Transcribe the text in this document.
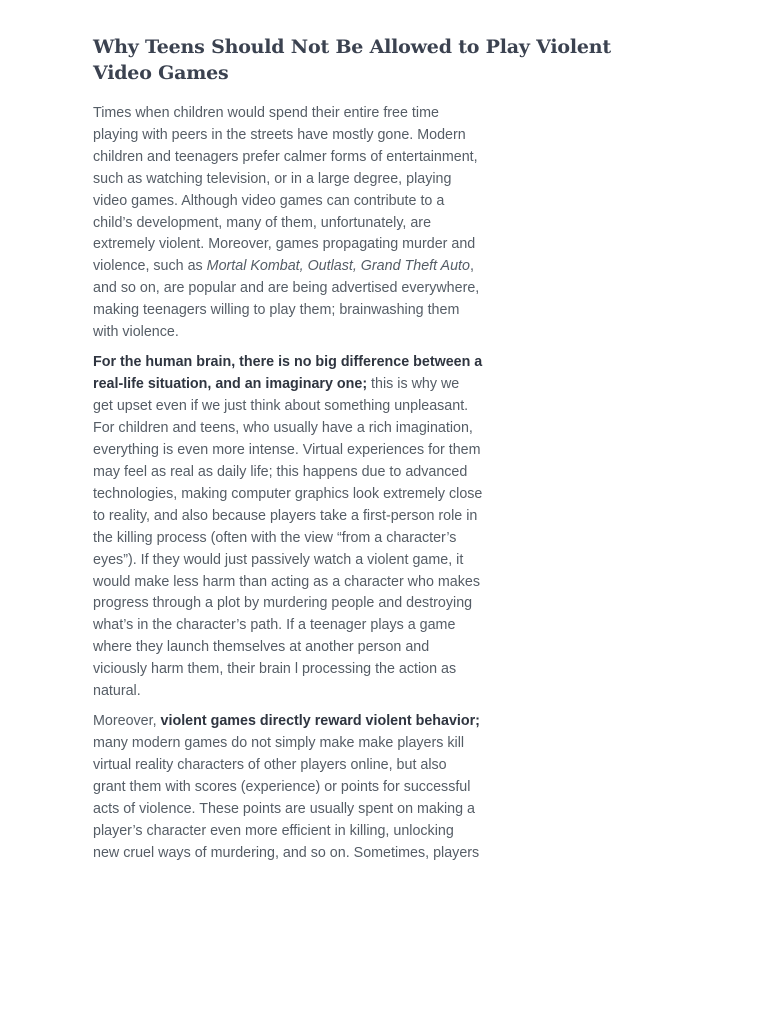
Why Teens Should Not Be Allowed to Play Violent Video Games

Times when children would spend their entire free time playing with peers in the streets have mostly gone. Modern children and teenagers prefer calmer forms of entertainment, such as watching television, or in a large degree, playing video games. Although video games can contribute to a child’s development, many of them, unfortunately, are extremely violent. Moreover, games propagating murder and violence, such as Mortal Kombat, Outlast, Grand Theft Auto, and so on, are popular and are being advertised everywhere, making teenagers willing to play them; brainwashing them with violence.

For the human brain, there is no big difference between a real-life situation, and an imaginary one; this is why we get upset even if we just think about something unpleasant. For children and teens, who usually have a rich imagination, everything is even more intense. Virtual experiences for them may feel as real as daily life; this happens due to advanced technologies, making computer graphics look extremely close to reality, and also because players take a first-person role in the killing process (often with the view “from a character’s eyes”). If they would just passively watch a violent game, it would make less harm than acting as a character who makes progress through a plot by murdering people and destroying what’s in the character’s path. If a teenager plays a game where they launch themselves at another person and viciously harm them, their brain l processing the action as natural.

Moreover, violent games directly reward violent behavior; many modern games do not simply make make players kill virtual reality characters of other players online, but also grant them with scores (experience) or points for successful acts of violence. These points are usually spent on making a player’s character even more efficient in killing, unlocking new cruel ways of murdering, and so on. Sometimes, players
